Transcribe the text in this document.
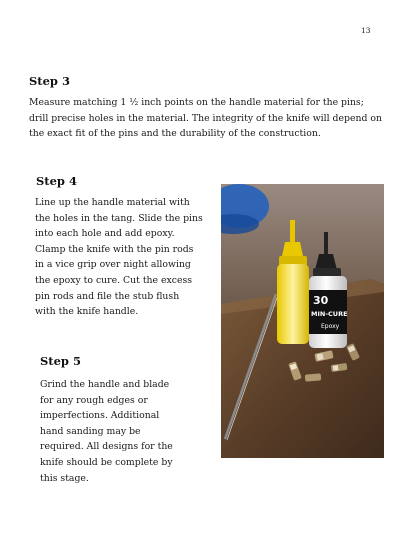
13
Step 3
Measure matching 1 ½ inch points on the handle material for the pins;
drill precise holes in the material. The integrity of the knife will depend on
the exact fit of the pins and the durability of the construction.
Step 4
Line up the handle material with
the holes in the tang. Slide the pins
into each hole and add epoxy.
Clamp the knife with the pin rods
in a vice grip over night allowing
the epoxy to cure. Cut the excess
pin rods and file the stub flush
with the knife handle.
Step 5
Grind the handle and blade
for any rough edges or
imperfections. Additional
hand sanding may be
required. All designs for the
knife should be complete by
this stage.
30
MIN-CURE
Epoxy
